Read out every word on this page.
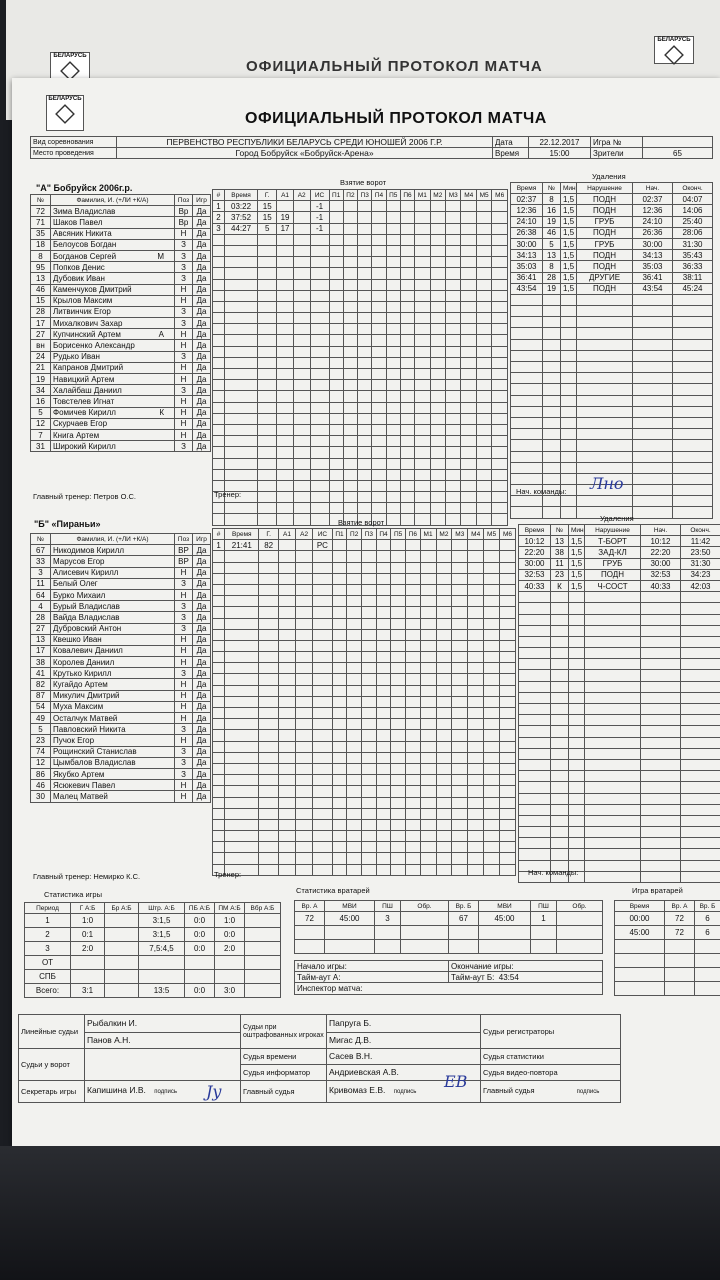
БЕЛАРУСЬ
БЕЛАРУСЬ
ОФИЦИАЛЬНЫЙ ПРОТОКОЛ МАТЧА
БЕЛАРУСЬ
ОФИЦИАЛЬНЫЙ ПРОТОКОЛ МАТЧА
Вид соревнования	ПЕРВЕНСТВО РЕСПУБЛИКИ БЕЛАРУСЬ СРЕДИ ЮНОШЕЙ 2006 Г.Р.	Дата	22.12.2017	Игра №	
Место проведения	Город Бобруйск «Бобруйск-Арена»	Время	15:00	Зрители	65
"А" Бобруйск 2006г.р.
Взятие ворот
Удаления
№	Фамилия, И. (+ЛИ +К/А)	Поз	Игр
72	Зима Владислав	Вр	Да
71	Шаков Павел	Вр	Да
35	Авсяник Никита	Н	Да
18	Белоусов Богдан	З	Да
8	Богданов Сергей М	З	Да
95	Попков Денис	З	Да
13	Дубовик Иван	З	Да
46	Каменчуков Дмитрий	Н	Да
15	Крылов Максим	Н	Да
28	Литвинчик Егор	З	Да
17	Михалкович Захар	З	Да
27	Купчинский Артем А	Н	Да
вн	Борисенко Александр	Н	Да
24	Рудько Иван	З	Да
21	Капранов Дмитрий	Н	Да
19	Навицкий Артем	Н	Да
34	Халайбаш Даниил	З	Да
16	Товстелев Игнат	Н	Да
5	Фомичев Кирилл К	Н	Да
12	Скурчаев Егор	Н	Да
7	Книга Артем	Н	Да
31	Широкий Кирилл	З	Да
#	Время	Г.	А1	А2	ИС	П1	П2	П3	П4	П5	П6	М1	М2	М3	М4	М5	М6
1	03:22	15			-1												
2	37:52	15	19		-1												
3	44:27	5	17		-1												

Время	№	Мин	Нарушение	Нач.	Оконч.
02:37	8	1,5	ПОДН	02:37	04:07
12:36	16	1,5	ПОДН	12:36	14:06
24:10	19	1,5	ГРУБ	24:10	25:40
26:38	46	1,5	ПОДН	26:36	28:06
30:00	5	1,5	ГРУБ	30:00	31:30
34:13	13	1,5	ПОДН	34:13	35:43
35:03	8	1,5	ПОДН	35:03	36:33
36:41	28	1,5	ДРУГИЕ	36:41	38:11
43:54	19	1,5	ПОДН	43:54	45:24

Главный тренер: Петров О.С.	Тренер:	Нач. команды: Лно
"Б" «Пираньи»	Взятие ворот	Удаления
№	Фамилия, И. (+ЛИ +К/А)	Поз	Игр
67	Никодимов Кирилл	ВР	Да
33	Марусов Егор	ВР	Да
3	Алисевич Кирилл	Н	Да
11	Белый Олег	З	Да
64	Бурко Михаил	Н	Да
4	Бурый Владислав	З	Да
28	Вайда Владислав	З	Да
27	Дубровский Антон	З	Да
13	Квешко Иван	Н	Да
17	Ковалевич Даниил	Н	Да
38	Королев Даниил	Н	Да
41	Крутько Кирилл	З	Да
82	Кугайдо Артем	Н	Да
87	Микулич Дмитрий	Н	Да
54	Муха Максим	Н	Да
49	Осталчук Матвей	Н	Да
5	Павловский Никита	З	Да
23	Пучок Егор	Н	Да
74	Рощинский Станислав	З	Да
12	Цымбалов Владислав	З	Да
86	Якубко Артем	З	Да
46	Ясюкевич Павел	Н	Да
30	Малец Матвей	Н	Да
#	Время	Г.	А1	А2	ИС	П1	П2	П3	П4	П5	П6	М1	М2	М3	М4	М5	М6
1	21:41	82			РС												

Время	№	Мин	Нарушение	Нач.	Оконч.
10:12	13	1,5	Т-БОРТ	10:12	11:42
22:20	38	1,5	ЗАД-КЛ	22:20	23:50
30:00	11	1,5	ГРУБ	30:00	31:30
32:53	23	1,5	ПОДН	32:53	34:23
40:33	К	1,5	Ч-СОСТ	40:33	42:03

Главный тренер: Немирко К.С.	Тренер:	Нач. команды:
Статистика игры
Период	Г А:Б	Бр А:Б	Штр. А:Б	ПБ А:Б	ПМ А:Б	Вбр А:Б
1	1:0		3:1,5	0:0	1:0	
2	0:1		3:1,5	0:0	0:0	
3	2:0		7,5:4,5	0:0	2:0	
ОТ						
СПБ						
Всего:	3:1		13:5	0:0	3:0	
Статистика вратарей
Вр. А	МВИ	ПШ	Обр.	Вр. Б	МВИ	ПШ	Обр.
72	45:00	3		67	45:00	1	

Начало игры:	Окончание игры:
Тайм-аут А:	Тайм-аут Б: 43:54
Инспектор матча:	
Игра вратарей
Время	Вр. А	Вр. Б
00:00	72	6
45:00	72	6

Линейные судьи	Рыбалкин И.	Судьи при оштрафованных игроках	Папруга Б.	Судьи регистраторы
	Панов А.Н.		Мигас Д.В.	
Судьи у ворот		Судья времени	Сасев В.Н.	Судья статистики
		Судья информатор	Андриевская А.В.	Судья видео-повтора
Секретарь игры	Капишина И.В. подпись	Главный судья	Кривомаз Е.В. подпись	Главный судья подпись
Jy
EB
